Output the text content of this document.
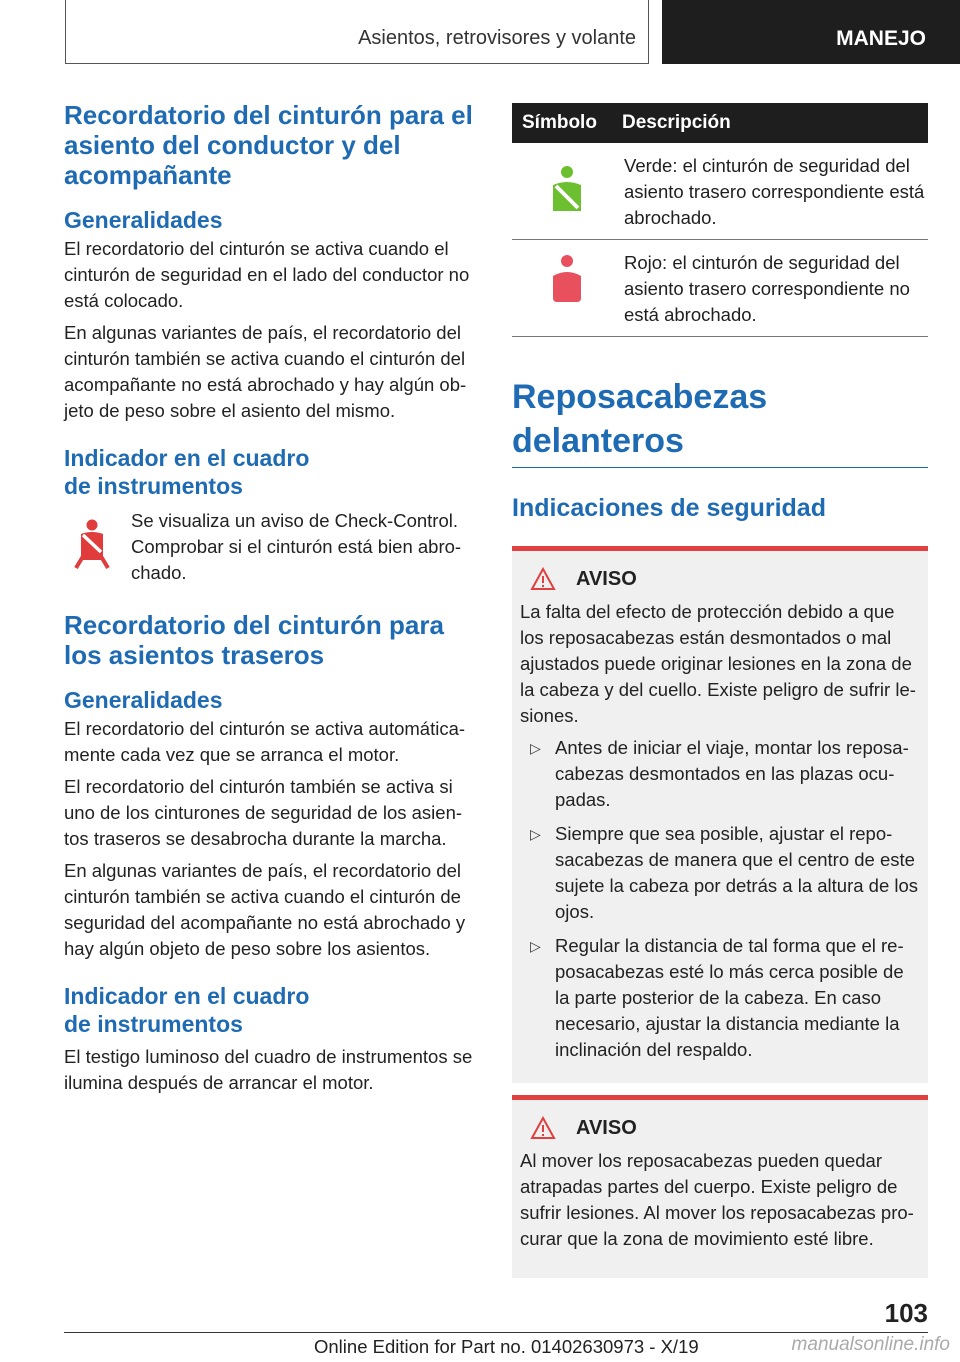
Asientos, retrovisores y volante	MANEJO
Recordatorio del cinturón para el asiento del conductor y del acompañante
Generalidades

El recordatorio del cinturón se activa cuando el cinturón de seguridad en el lado del conductor no está colocado.

En algunas variantes de país, el recordatorio del cinturón también se activa cuando el cinturón del acompañante no está abrochado y hay algún objeto de peso sobre el asiento del mismo.

Indicador en el cuadro
de instrumentos

Se visualiza un aviso de Check-Control. Comprobar si el cinturón está bien abrochado.

Recordatorio del cinturón para los asientos traseros
Generalidades

El recordatorio del cinturón se activa automáticamente cada vez que se arranca el motor.

El recordatorio del cinturón también se activa si uno de los cinturones de seguridad de los asientos traseros se desabrocha durante la marcha.

En algunas variantes de país, el recordatorio del cinturón también se activa cuando el cinturón de seguridad del acompañante no está abrochado y hay algún objeto de peso sobre los asientos.

Indicador en el cuadro
de instrumentos

El testigo luminoso del cuadro de instrumentos se ilumina después de arrancar el motor.

Símbolo	Descripción
	Verde: el cinturón de seguridad del asiento trasero correspondiente está abrochado.
	Rojo: el cinturón de seguridad del asiento trasero correspondiente no está abrochado.
Reposacabezas delanteros
Indicaciones de seguridad
AVISO

La falta del efecto de protección debido a que los reposacabezas están desmontados o mal ajustados puede originar lesiones en la zona de la cabeza y del cuello. Existe peligro de sufrir lesiones.

▷ Antes de iniciar el viaje, montar los reposacabezas desmontados en las plazas ocupadas.
▷ Siempre que sea posible, ajustar el reposacabezas de manera que el centro de este sujete la cabeza por detrás a la altura de los ojos.
▷ Regular la distancia de tal forma que el reposacabezas esté lo más cerca posible de la parte posterior de la cabeza. En caso necesario, ajustar la distancia mediante la inclinación del respaldo.
AVISO

Al mover los reposacabezas pueden quedar atrapadas partes del cuerpo. Existe peligro de sufrir lesiones. Al mover los reposacabezas procurar que la zona de movimiento esté libre.

103
Online Edition for Part no. 01402630973 - X/19	manualsonline.info
